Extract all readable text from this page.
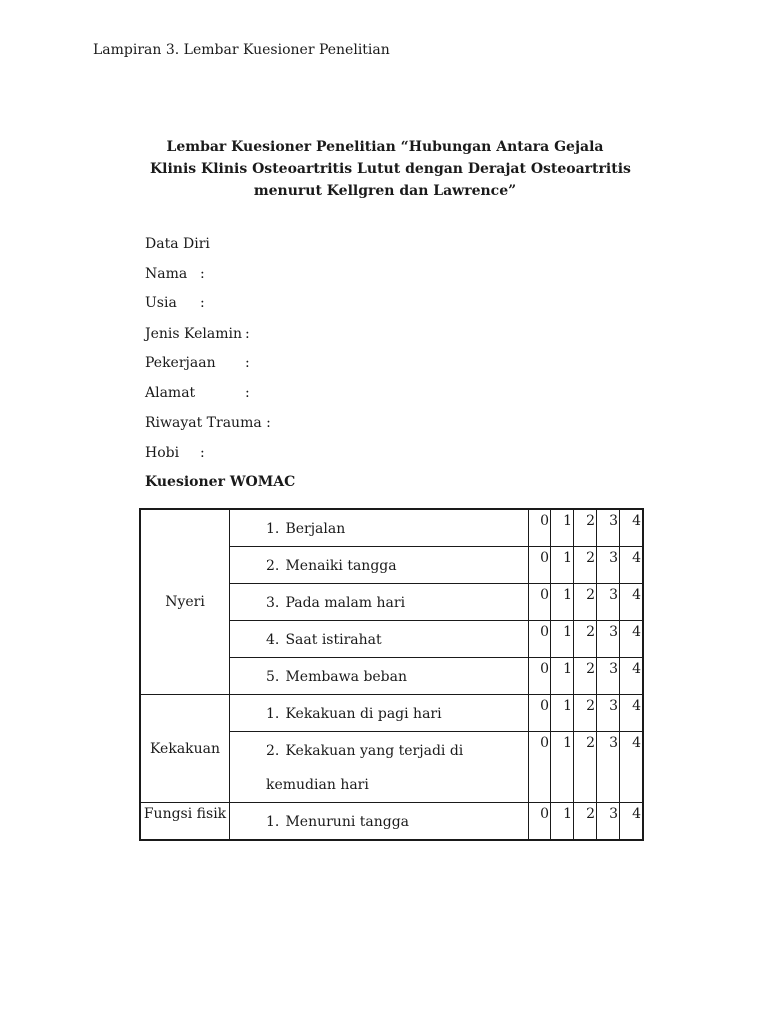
Lampiran 3. Lembar Kuesioner Penelitian
Lembar Kuesioner Penelitian “Hubungan Antara Gejala
Klinis Klinis Osteoartritis Lutut dengan Derajat Osteoartritis
menurut Kellgren dan Lawrence”
Data Diri
Nama :
Usia :
Jenis Kelamin :
Pekerjaan :
Alamat	:
Riwayat Trauma :
Hobi :
Kuesioner WOMAC
Nyeri	1. Berjalan	0	1	2	3	4
	2. Menaiki tangga	0	1	2	3	4
	3. Pada malam hari	0	1	2	3	4
	4. Saat istirahat	0	1	2	3	4
	5. Membawa beban	0	1	2	3	4
Kekakuan	1. Kekakuan di pagi hari	0	1	2	3	4
	2. Kekakuan yang terjadi di kemudian hari	0	1	2	3	4
Fungsi fisik	1. Menuruni tangga	0	1	2	3	4
